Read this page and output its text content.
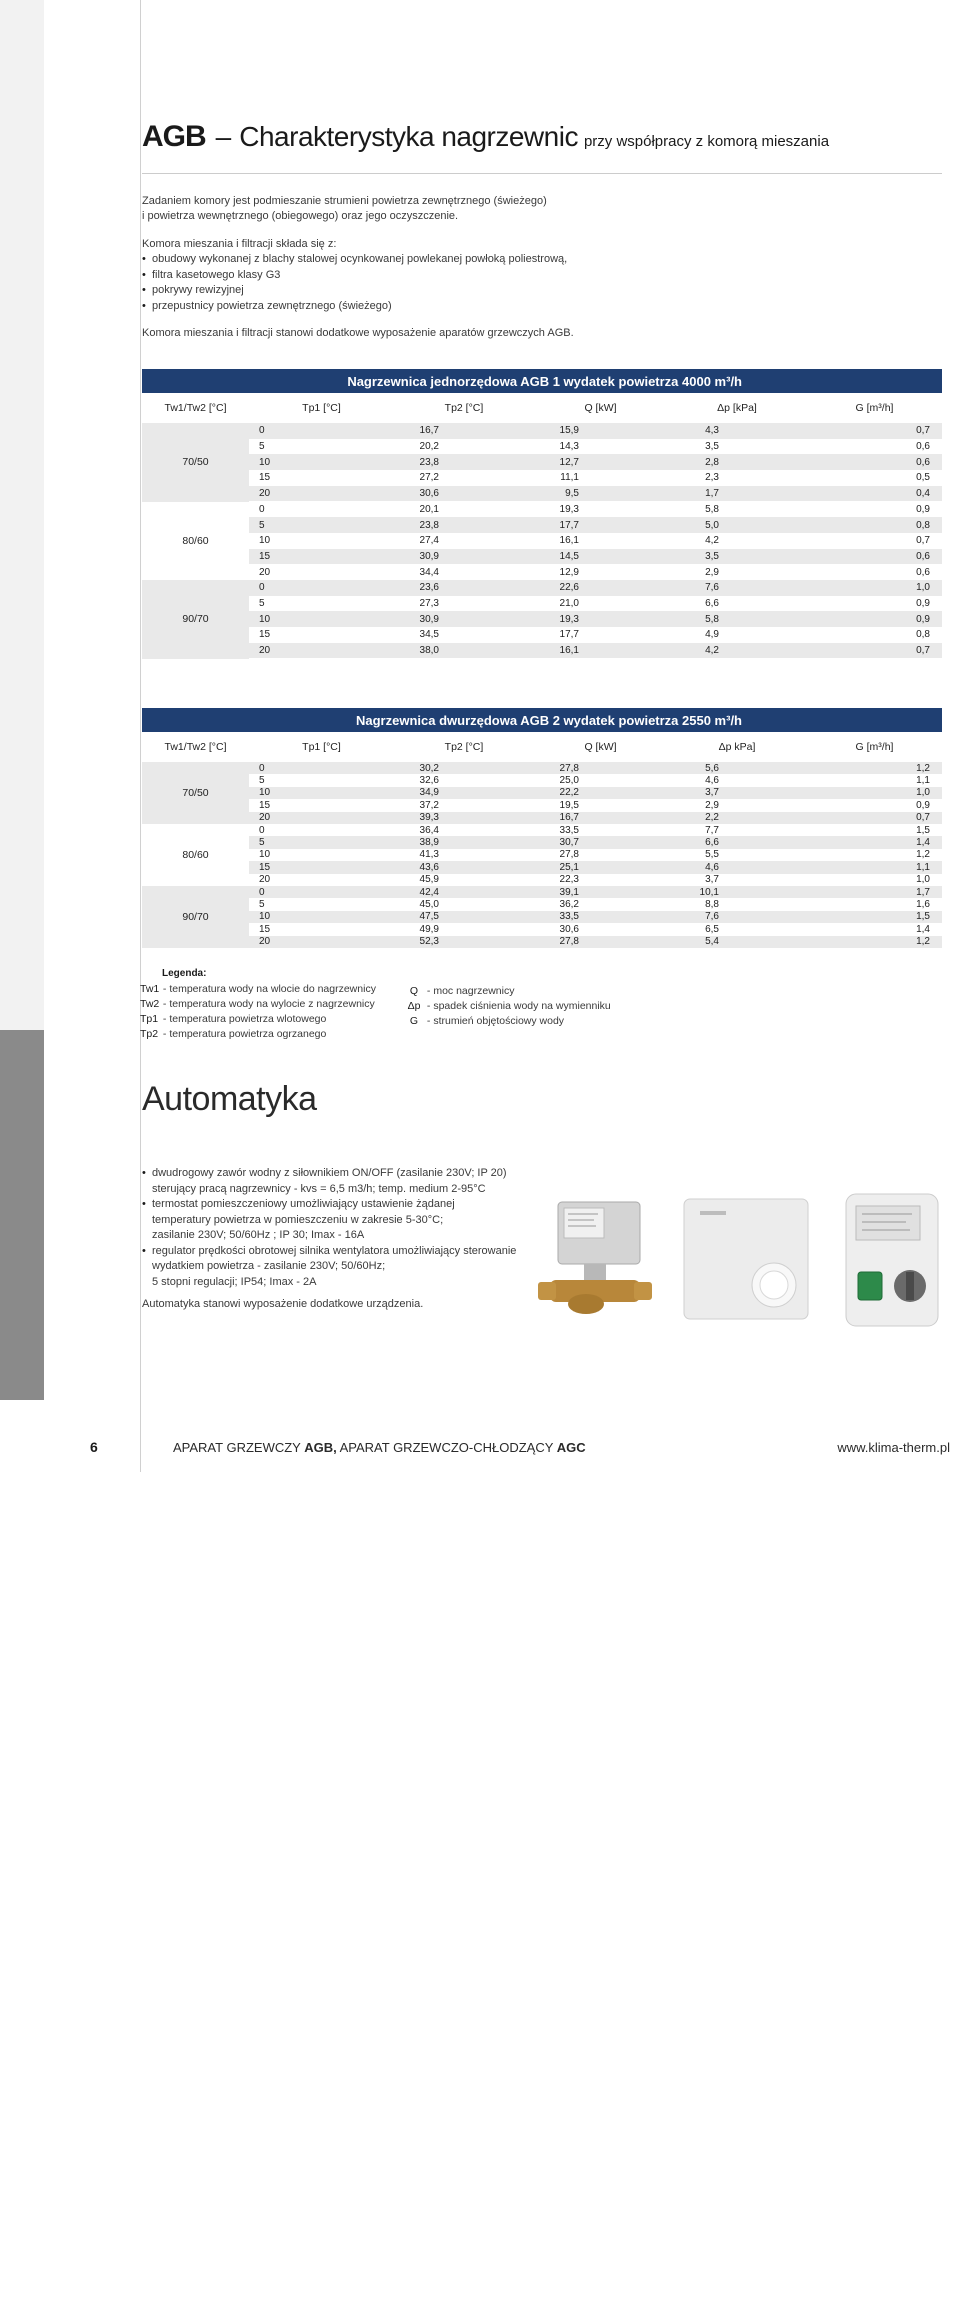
AUTOMATYKA
AGB – Charakterystyka nagrzewnic przy współpracy z komorą mieszania
Zadaniem komory jest podmieszanie strumieni powietrza zewnętrznego (świeżego)
i powietrza wewnętrznego (obiegowego) oraz jego oczyszczenie.
Komora mieszania i filtracji składa się z:
• obudowy wykonanej z blachy stalowej ocynkowanej powlekanej powłoką poliestrową,
• filtra kasetowego klasy G3
• pokrywy rewizyjnej
• przepustnicy powietrza zewnętrznego (świeżego)
Komora mieszania i filtracji stanowi dodatkowe wyposażenie aparatów grzewczych AGB.
Nagrzewnica jednorzędowa AGB 1 wydatek powietrza 4000 m³/h
Tw1/Tw2 [°C]	Tp1 [°C]	Tp2 [°C]	Q [kW]	Δp [kPa]	G [m³/h]
70/50
0	16,7	15,9	4,3	0,7
5	20,2	14,3	3,5	0,6
10	23,8	12,7	2,8	0,6
15	27,2	11,1	2,3	0,5
20	30,6	9,5	1,7	0,4
80/60
0	20,1	19,3	5,8	0,9
5	23,8	17,7	5,0	0,8
10	27,4	16,1	4,2	0,7
15	30,9	14,5	3,5	0,6
20	34,4	12,9	2,9	0,6
90/70
0	23,6	22,6	7,6	1,0
5	27,3	21,0	6,6	0,9
10	30,9	19,3	5,8	0,9
15	34,5	17,7	4,9	0,8
20	38,0	16,1	4,2	0,7
Nagrzewnica dwurzędowa AGB 2 wydatek powietrza 2550 m³/h
Tw1/Tw2 [°C]	Tp1 [°C]	Tp2 [°C]	Q [kW]	Δp kPa]	G [m³/h]
70/50
0	30,2	27,8	5,6	1,2
5	32,6	25,0	4,6	1,1
10	34,9	22,2	3,7	1,0
15	37,2	19,5	2,9	0,9
20	39,3	16,7	2,2	0,7
80/60
0	36,4	33,5	7,7	1,5
5	38,9	30,7	6,6	1,4
10	41,3	27,8	5,5	1,2
15	43,6	25,1	4,6	1,1
20	45,9	22,3	3,7	1,0
90/70
0	42,4	39,1	10,1	1,7
5	45,0	36,2	8,8	1,6
10	47,5	33,5	7,6	1,5
15	49,9	30,6	6,5	1,4
20	52,3	27,8	5,4	1,2
Legenda:
Tw1 - temperatura wody na wlocie do nagrzewnicy
Tw2 - temperatura wody na wylocie z nagrzewnicy
Tp1 - temperatura powietrza wlotowego
Tp2 - temperatura powietrza ogrzanego
Q - moc nagrzewnicy
Δp - spadek ciśnienia wody na wymienniku
G - strumień objętościowy wody
Automatyka
• dwudrogowy zawór wodny z siłownikiem ON/OFF (zasilanie 230V; IP 20)
sterujący pracą nagrzewnicy - kvs = 6,5 m3/h; temp. medium 2-95°C
• termostat pomieszczeniowy umożliwiający ustawienie żądanej
temperatury powietrza w pomieszczeniu w zakresie 5-30°C;
zasilanie 230V; 50/60Hz ; IP 30; Imax - 16A
• regulator prędkości obrotowej silnika wentylatora umożliwiający sterowanie
wydatkiem powietrza - zasilanie 230V; 50/60Hz;
5 stopni regulacji; IP54; Imax - 2A
Automatyka stanowi wyposażenie dodatkowe urządzenia.
6	APARAT GRZEWCZY AGB, APARAT GRZEWCZO-CHŁODZĄCY AGC	www.klima-therm.pl
